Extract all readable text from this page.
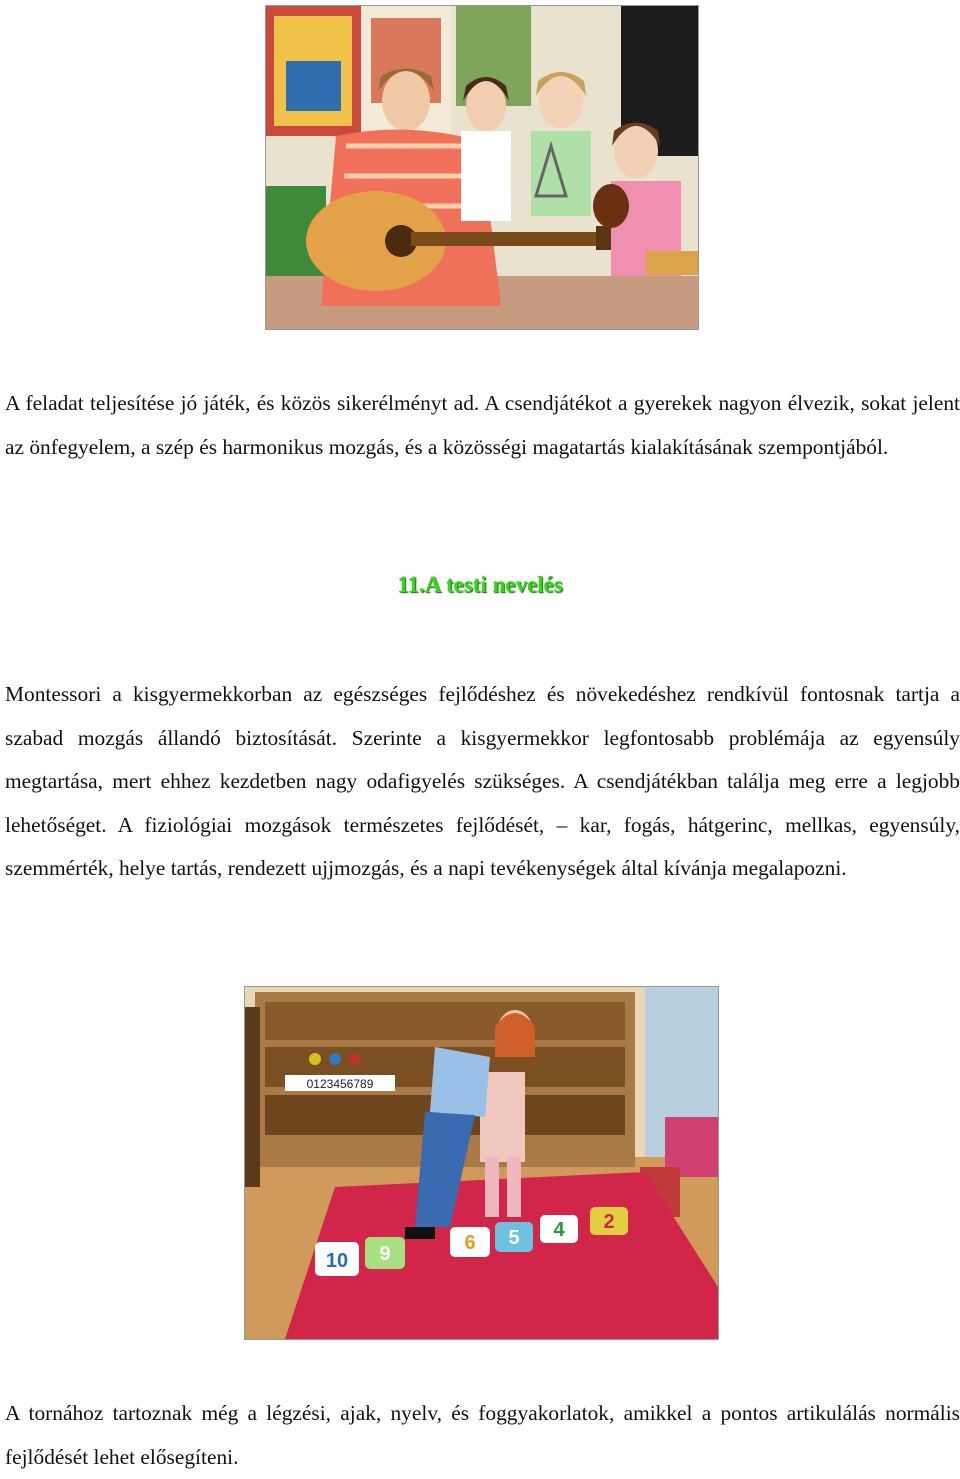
A feladat teljesítése jó játék, és közös sikerélményt ad. A csendjátékot a gyerekek nagyon élvezik, sokat jelent az önfegyelem, a szép és harmonikus mozgás, és a közösségi magatartás kialakításának szempontjából.

11.A testi nevelés

Montessori a kisgyermekkorban az egészséges fejlődéshez és növekedéshez rendkívül fontosnak tartja a szabad mozgás állandó biztosítását. Szerinte a kisgyermekkor legfontosabb problémája az egyensúly megtartása, mert ehhez kezdetben nagy odafigyelés szükséges. A csendjátékban találja meg erre a legjobb lehetőséget. A fiziológiai mozgások természetes fejlődését, – kar, fogás, hátgerinc, mellkas, egyensúly, szemmérték, helye tartás, rendezett ujjmozgás, és a napi tevékenységek által kívánja megalapozni.

0123456789
10 9	6 5 4 2

A tornához tartoznak még a légzési, ajak, nyelv, és foggyakorlatok, amikkel a pontos artikulálás normális fejlődését lehet elősegíteni.
